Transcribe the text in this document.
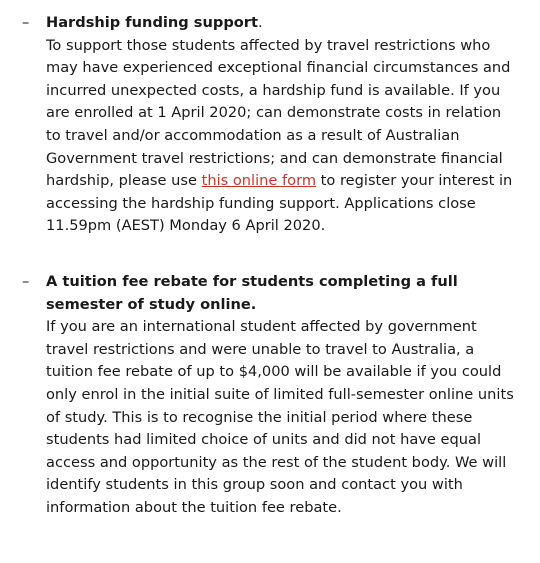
–	Hardship funding support.
To support those students affected by travel restrictions who may have experienced exceptional financial circumstances and incurred unexpected costs, a hardship fund is available. If you are enrolled at 1 April 2020; can demonstrate costs in relation to travel and/or accommodation as a result of Australian Government travel restrictions; and can demonstrate financial hardship, please use this online form to register your interest in accessing the hardship funding support. Applications close 11.59pm (AEST) Monday 6 April 2020.
–	A tuition fee rebate for students completing a full semester of study online.
If you are an international student affected by government travel restrictions and were unable to travel to Australia, a tuition fee rebate of up to $4,000 will be available if you could only enrol in the initial suite of limited full-semester online units of study. This is to recognise the initial period where these students had limited choice of units and did not have equal access and opportunity as the rest of the student body. We will identify students in this group soon and contact you with information about the tuition fee rebate.
